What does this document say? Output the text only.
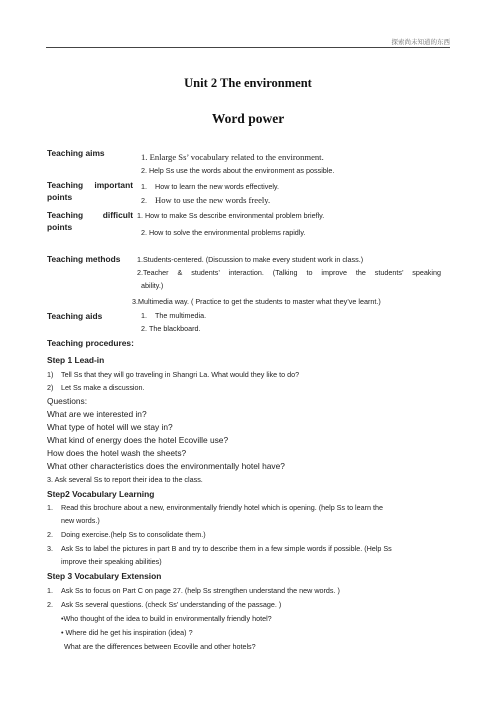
探索尚未知道的东西
Unit 2 The environment
Word power
Teaching aims	1. Enlarge Ss’ vocabulary related to the environment.
2. Help Ss use the words about the environment as possible.
Teaching important
points
1. How to learn the new words effectively.
2. How to use the new words freely.
Teaching difficult
points
1. How to make Ss describe environmental problem briefly.
2. How to solve the environmental problems rapidly.
Teaching methods 1.Students-centered. (Discussion to make every student work in class.)
2.Teacher & students’ interaction. (Talking to improve the students’ speaking
ability.)
3.Multimedia way. ( Practice to get the students to master what they’ve learnt.)
Teaching aids	1. The multimedia.
2. The blackboard.
Teaching procedures:
Step 1 Lead-in
1) Tell Ss that they will go traveling in Shangri La. What would they like to do?
2) Let Ss make a discussion.
Questions:
What are we interested in?
What type of hotel will we stay in?
What kind of energy does the hotel Ecoville use?
How does the hotel wash the sheets?
What other characteristics does the environmentally hotel have?
3. Ask several Ss to report their idea to the class.
Step2 Vocabulary Learning
1. Read this brochure about a new, environmentally friendly hotel which is opening. (help Ss to learn the
new words.)
2. Doing exercise.(help Ss to consolidate them.)
3. Ask Ss to label the pictures in part B and try to describe them in a few simple words if possible. (Help Ss
improve their speaking abilities)
Step 3 Vocabulary Extension
1. Ask Ss to focus on Part C on page 27. (help Ss strengthen understand the new words. )
2. Ask Ss several questions. (check Ss’ understanding of the passage. )
•Who thought of the idea to build in environmentally friendly hotel?
• Where did he get his inspiration (idea) ?
What are the differences between Ecoville and other hotels?
